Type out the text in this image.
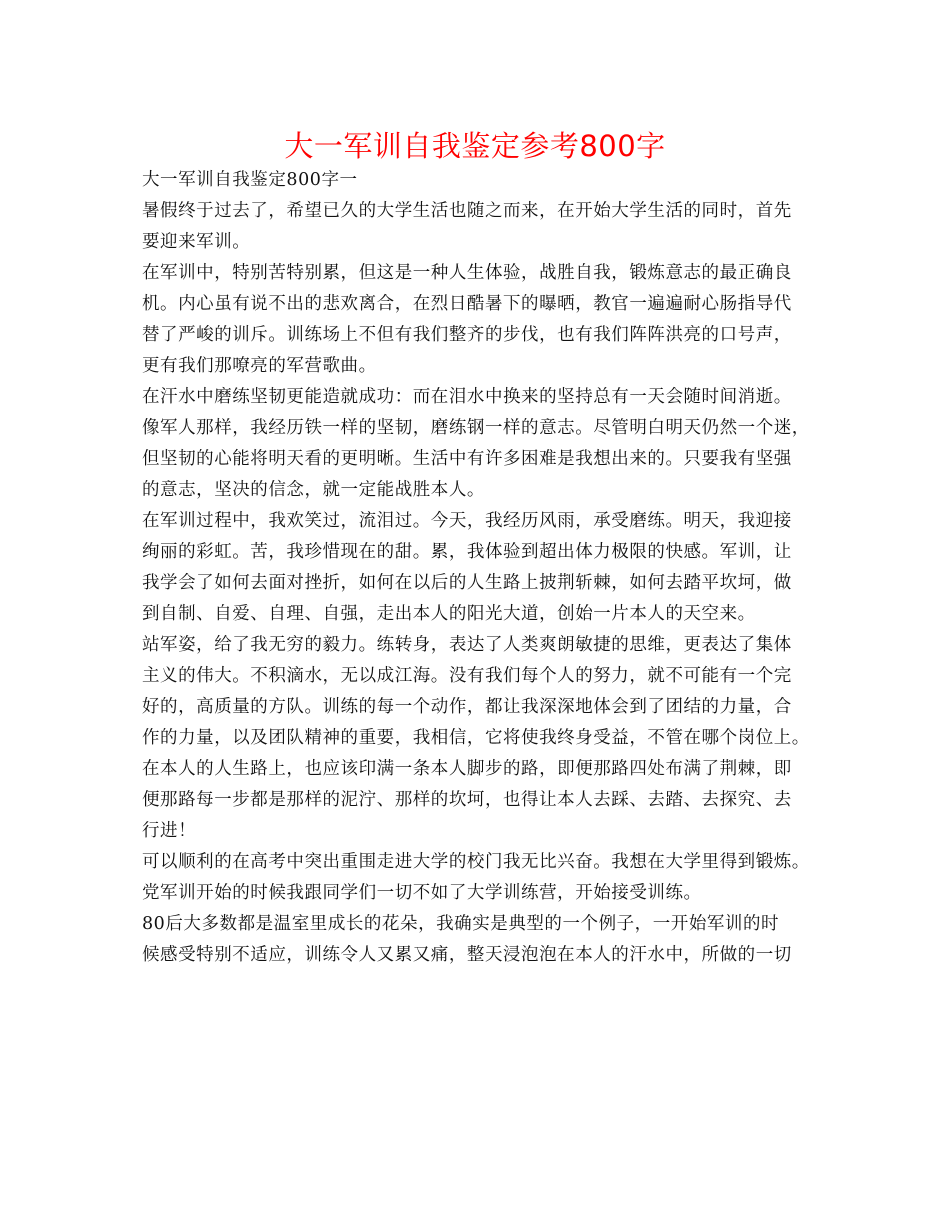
大一军训自我鉴定参考800字
大一军训自我鉴定800字一
暑假终于过去了，希望已久的大学生活也随之而来，在开始大学生活的同时，首先
要迎来军训。
在军训中，特别苦特别累，但这是一种人生体验，战胜自我，锻炼意志的最正确良
机。内心虽有说不出的悲欢离合，在烈日酷暑下的曝晒，教官一遍遍耐心肠指导代
替了严峻的训斥。训练场上不但有我们整齐的步伐，也有我们阵阵洪亮的口号声，
更有我们那嘹亮的军营歌曲。
在汗水中磨练坚韧更能造就成功：而在泪水中换来的坚持总有一天会随时间消逝。
像军人那样，我经历铁一样的坚韧，磨练钢一样的意志。尽管明白明天仍然一个迷，
但坚韧的心能将明天看的更明晰。生活中有许多困难是我想出来的。只要我有坚强
的意志，坚决的信念，就一定能战胜本人。
在军训过程中，我欢笑过，流泪过。今天，我经历风雨，承受磨练。明天，我迎接
绚丽的彩虹。苦，我珍惜现在的甜。累，我体验到超出体力极限的快感。军训，让
我学会了如何去面对挫折，如何在以后的人生路上披荆斩棘，如何去踏平坎坷，做
到自制、自爱、自理、自强，走出本人的阳光大道，创始一片本人的天空来。
站军姿，给了我无穷的毅力。练转身，表达了人类爽朗敏捷的思维，更表达了集体
主义的伟大。不积滴水，无以成江海。没有我们每个人的努力，就不可能有一个完
好的，高质量的方队。训练的每一个动作，都让我深深地体会到了团结的力量，合
作的力量，以及团队精神的重要，我相信，它将使我终身受益，不管在哪个岗位上。
在本人的人生路上，也应该印满一条本人脚步的路，即便那路四处布满了荆棘，即
便那路每一步都是那样的泥泞、那样的坎坷，也得让本人去踩、去踏、去探究、去
行进！
可以顺利的在高考中突出重围走进大学的校门我无比兴奋。我想在大学里得到锻炼。
党军训开始的时候我跟同学们一切不如了大学训练营，开始接受训练。
80后大多数都是温室里成长的花朵，我确实是典型的一个例子，一开始军训的时
候感受特别不适应，训练令人又累又痛，整天浸泡泡在本人的汗水中，所做的一切
